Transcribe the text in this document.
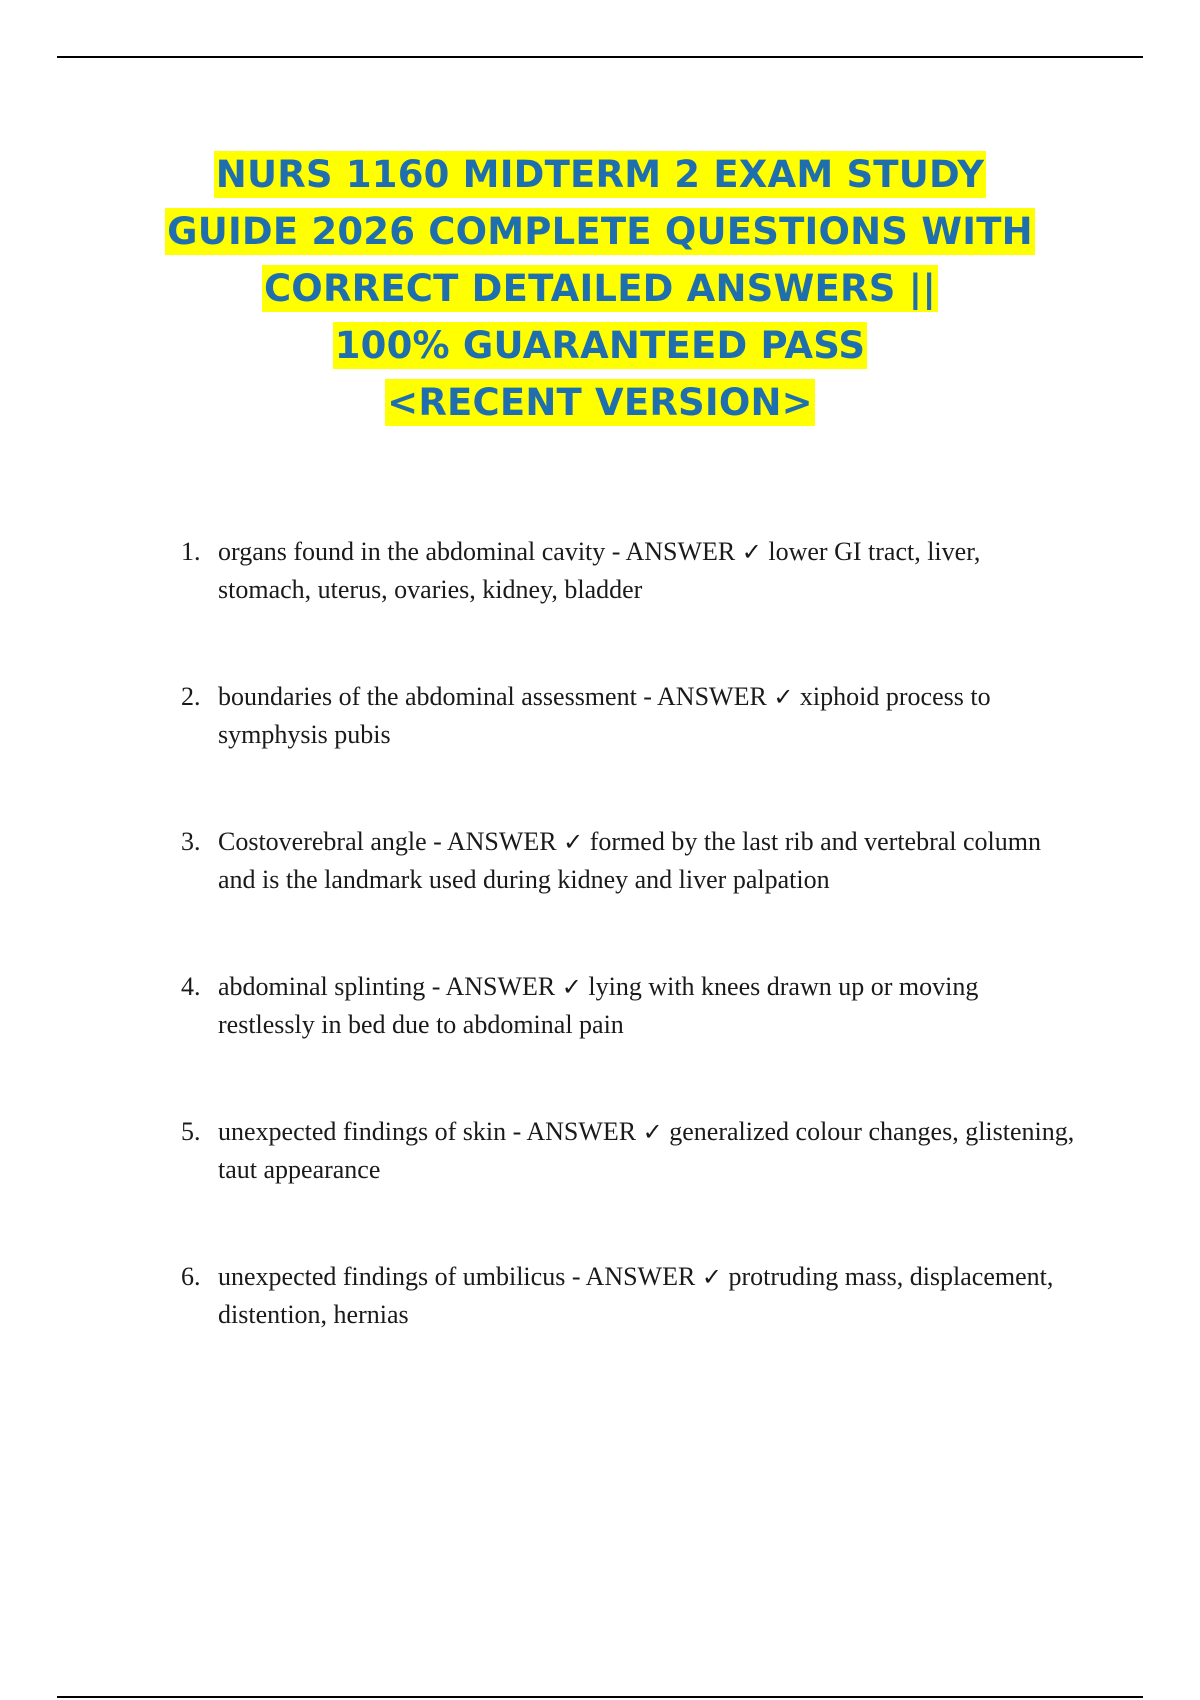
NURS 1160 MIDTERM 2 EXAM STUDY
GUIDE 2026 COMPLETE QUESTIONS WITH
CORRECT DETAILED ANSWERS ||
100% GUARANTEED PASS
<RECENT VERSION>
1. organs found in the abdominal cavity - ANSWER ✓ lower GI tract, liver, stomach, uterus, ovaries, kidney, bladder
2. boundaries of the abdominal assessment - ANSWER ✓ xiphoid process to symphysis pubis
3. Costoverebral angle - ANSWER ✓ formed by the last rib and vertebral column and is the landmark used during kidney and liver palpation
4. abdominal splinting - ANSWER ✓ lying with knees drawn up or moving restlessly in bed due to abdominal pain
5. unexpected findings of skin - ANSWER ✓ generalized colour changes, glistening, taut appearance
6. unexpected findings of umbilicus - ANSWER ✓ protruding mass, displacement, distention, hernias
